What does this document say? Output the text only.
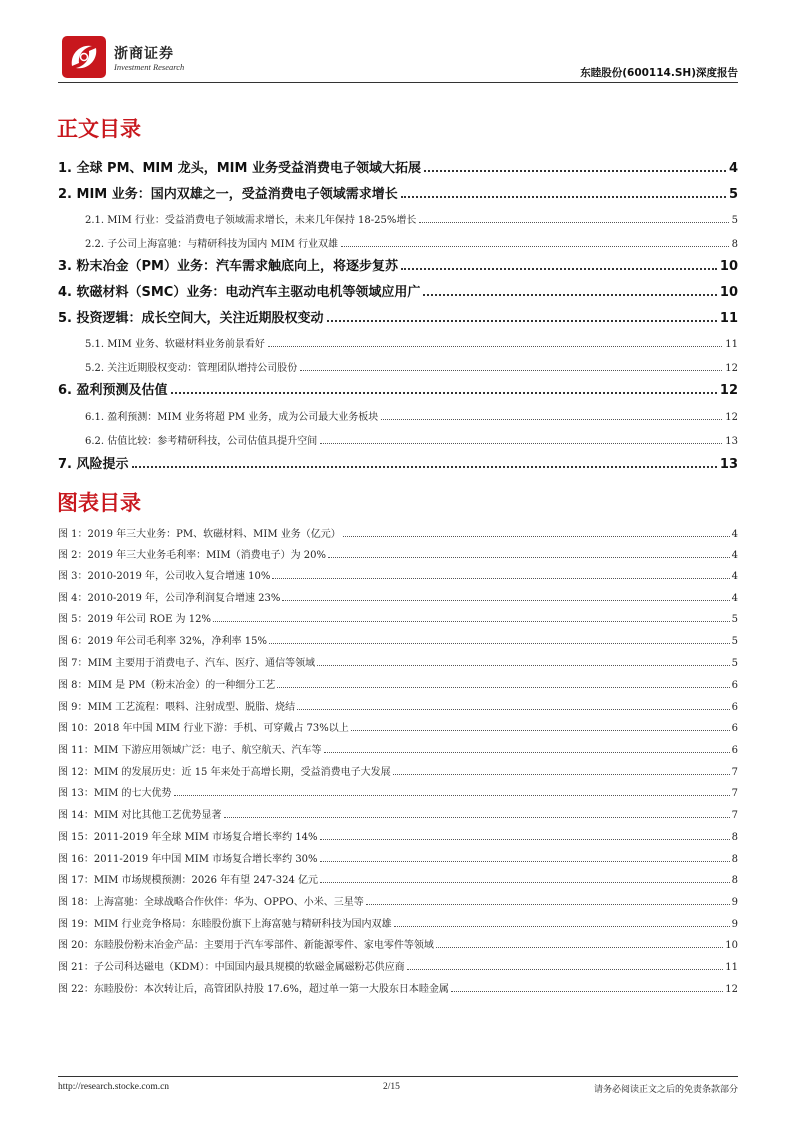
浙商证券
Investment Research	东睦股份(600114.SH)深度报告
正文目录
1. 全球 PM、MIM 龙头，MIM 业务受益消费电子领域大拓展	4
2. MIM 业务：国内双雄之一，受益消费电子领域需求增长	5
2.1. MIM 行业：受益消费电子领域需求增长，未来几年保持 18-25%增长	5
2.2. 子公司上海富驰：与精研科技为国内 MIM 行业双雄	8
3. 粉末冶金（PM）业务：汽车需求触底向上，将逐步复苏	10
4. 软磁材料（SMC）业务：电动汽车主驱动电机等领域应用广	10
5. 投资逻辑：成长空间大，关注近期股权变动	11
5.1. MIM 业务、软磁材料业务前景看好	11
5.2. 关注近期股权变动：管理团队增持公司股份	12
6. 盈利预测及估值	12
6.1. 盈利预测：MIM 业务将超 PM 业务，成为公司最大业务板块	12
6.2. 估值比较：参考精研科技，公司估值具提升空间	13
7. 风险提示	13
图表目录
图 1：2019 年三大业务：PM、软磁材料、MIM 业务（亿元）	4
图 2：2019 年三大业务毛利率：MIM（消费电子）为 20%	4
图 3：2010-2019 年，公司收入复合增速 10%	4
图 4：2010-2019 年，公司净利润复合增速 23%	4
图 5：2019 年公司 ROE 为 12%	5
图 6：2019 年公司毛利率 32%，净利率 15%	5
图 7：MIM 主要用于消费电子、汽车、医疗、通信等领域	5
图 8：MIM 是 PM（粉末冶金）的一种细分工艺	6
图 9：MIM 工艺流程：喂料、注射成型、脱脂、烧结	6
图 10：2018 年中国 MIM 行业下游：手机、可穿戴占 73%以上	6
图 11：MIM 下游应用领域广泛：电子、航空航天、汽车等	6
图 12：MIM 的发展历史：近 15 年来处于高增长期，受益消费电子大发展	7
图 13：MIM 的七大优势	7
图 14：MIM 对比其他工艺优势显著	7
图 15：2011-2019 年全球 MIM 市场复合增长率约 14%	8
图 16：2011-2019 年中国 MIM 市场复合增长率约 30%	8
图 17：MIM 市场规模预测：2026 年有望 247-324 亿元	8
图 18：上海富驰：全球战略合作伙伴：华为、OPPO、小米、三星等	9
图 19：MIM 行业竞争格局：东睦股份旗下上海富驰与精研科技为国内双雄	9
图 20：东睦股份粉末冶金产品：主要用于汽车零部件、新能源零件、家电零件等领域	10
图 21：子公司科达磁电（KDM）：中国国内最具规模的软磁金属磁粉芯供应商	11
图 22：东睦股份：本次转让后，高管团队持股 17.6%，超过单一第一大股东日本睦金属	12
http://research.stocke.com.cn	2/15	请务必阅读正文之后的免责条款部分
